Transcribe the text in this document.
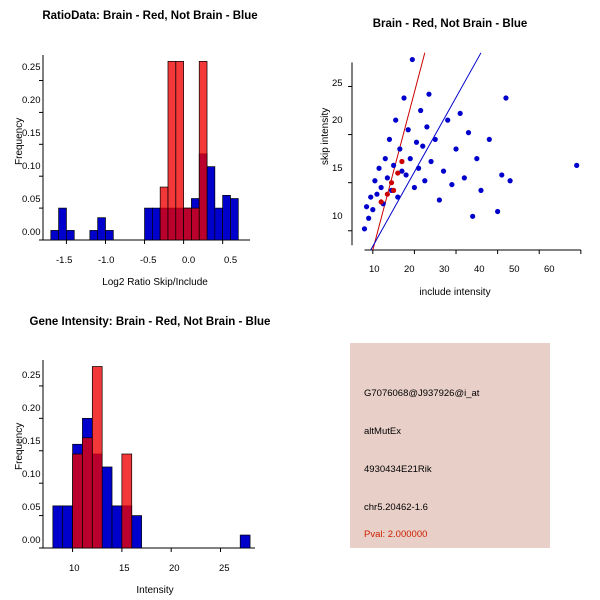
RatioData: Brain - Red, Not Brain - Blue
Frequency
Log2 Ratio Skip/Include
0.00
0.05
0.10
0.15
0.20
0.25
-1.5	-1.0	-0.5	0.0	0.5
Brain - Red, Not Brain - Blue
skip intensity
include intensity
10
15
20
25
10	20	30	40	50	60
Gene Intensity: Brain - Red, Not Brain - Blue
Frequency
Intensity
0.00
0.05
0.10
0.15
0.20
0.25
10	15	20	25
G7076068@J937926@i_at
altMutEx
4930434E21Rik
chr5.20462-1.6
Pval: 2.000000
